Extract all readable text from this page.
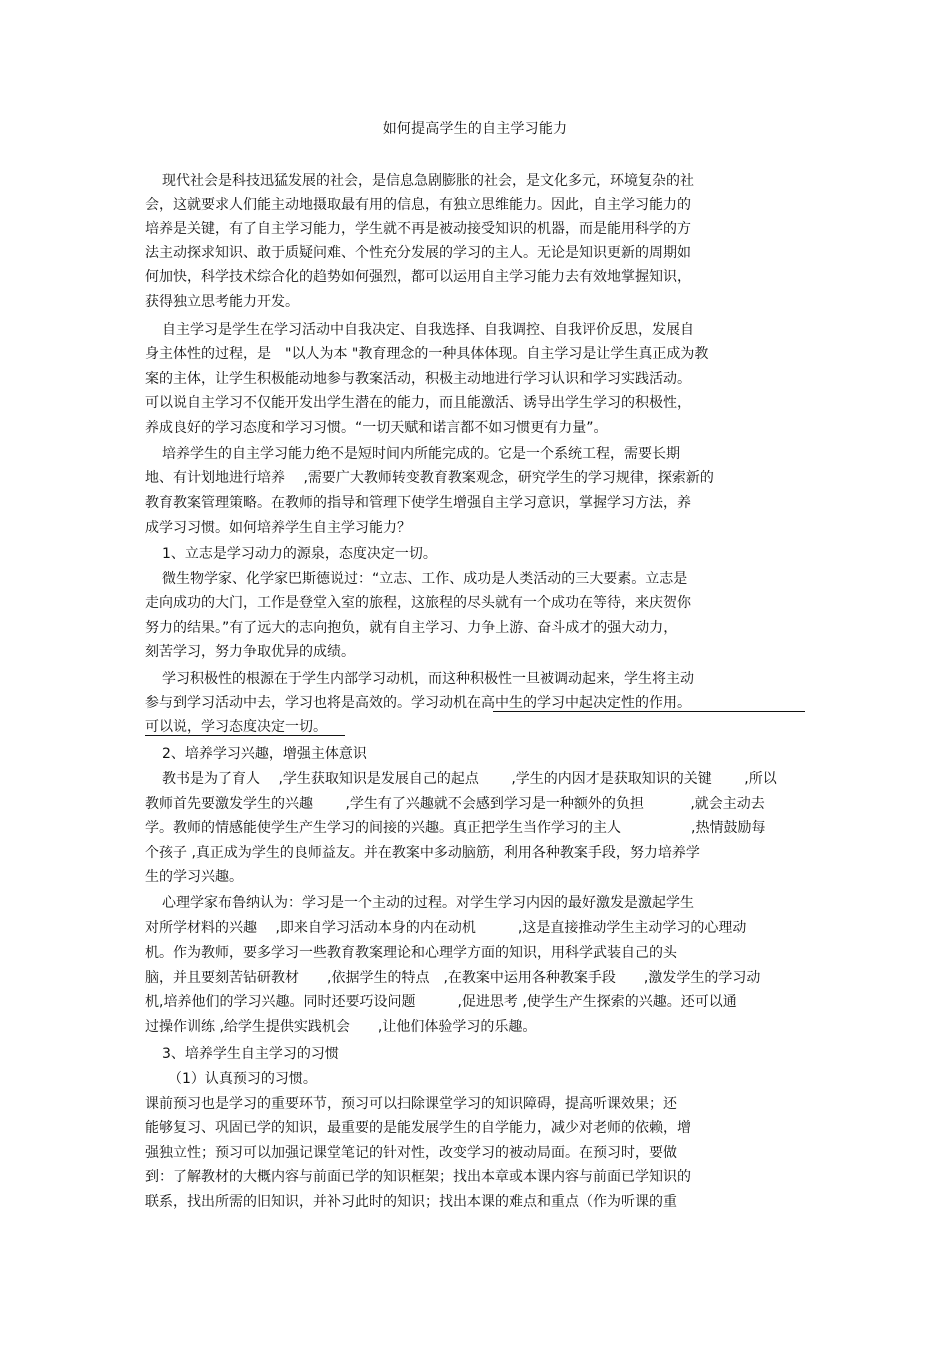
如何提高学生的自主学习能力
现代社会是科技迅猛发展的社会，是信息急剧膨胀的社会，是文化多元，环境复杂的社
会，这就要求人们能主动地摄取最有用的信息，有独立思维能力。因此，自主学习能力的
培养是关键，有了自主学习能力，学生就不再是被动接受知识的机器，而是能用科学的方
法主动探求知识、敢于质疑问难、个性充分发展的学习的主人。无论是知识更新的周期如
何加快，科学技术综合化的趋势如何强烈，都可以运用自主学习能力去有效地掌握知识，
获得独立思考能力开发。
自主学习是学生在学习活动中自我决定、自我选择、自我调控、自我评价反思，发展自
身主体性的过程，是　"以人为本 "教育理念的一种具体体现。自主学习是让学生真正成为教
案的主体，让学生积极能动地参与教案活动，积极主动地进行学习认识和学习实践活动。
可以说自主学习不仅能开发出学生潜在的能力，而且能激活、诱导出学生学习的积极性，
养成良好的学习态度和学习习惯。“一切天赋和诺言都不如习惯更有力量”。
培养学生的自主学习能力绝不是短时间内所能完成的。它是一个系统工程，需要长期
地、有计划地进行培养　 ,需要广大教师转变教育教案观念，研究学生的学习规律，探索新的
教育教案管理策略。在教师的指导和管理下使学生增强自主学习意识，掌握学习方法，养
成学习习惯。如何培养学生自主学习能力？
1、立志是学习动力的源泉，态度决定一切。
微生物学家、化学家巴斯德说过：“立志、工作、成功是人类活动的三大要素。立志是
走向成功的大门，工作是登堂入室的旅程，这旅程的尽头就有一个成功在等待，来庆贺你
努力的结果。”有了远大的志向抱负，就有自主学习、力争上游、奋斗成才的强大动力，
刻苦学习，努力争取优异的成绩。
学习积极性的根源在于学生内部学习动机，而这种积极性一旦被调动起来，学生将主动
参与到学习活动中去，学习也将是高效的。学习动机在高中生的学习中起决定性的作用。
可以说，学习态度决定一切。
2、培养学习兴趣，增强主体意识
教书是为了育人　 ,学生获取知识是发展自己的起点　　 ,学生的内因才是获取知识的关键　　 ,所以
教师首先要激发学生的兴趣　　 ,学生有了兴趣就不会感到学习是一种额外的负担　　　 ,就会主动去
学。教师的情感能使学生产生学习的间接的兴趣。真正把学生当作学习的主人　　　　　,热情鼓励每
个孩子 ,真正成为学生的良师益友。并在教案中多动脑筋，利用各种教案手段，努力培养学
生的学习兴趣。
心理学家布鲁纳认为：学习是一个主动的过程。对学生学习内因的最好激发是激起学生
对所学材料的兴趣　 ,即来自学习活动本身的内在动机　　　,这是直接推动学生主动学习的心理动
机。作为教师，要多学习一些教育教案理论和心理学方面的知识，用科学武装自己的头
脑，并且要刻苦钻研教材　　,依据学生的特点　,在教案中运用各种教案手段　　,激发学生的学习动
机,培养他们的学习兴趣。同时还要巧设问题　　　,促进思考 ,使学生产生探索的兴趣。还可以通
过操作训练 ,给学生提供实践机会　　,让他们体验学习的乐趣。
3、培养学生自主学习的习惯
（1）认真预习的习惯。
课前预习也是学习的重要环节，预习可以扫除课堂学习的知识障碍，提高听课效果；还
能够复习、巩固已学的知识，最重要的是能发展学生的自学能力，减少对老师的依赖，增
强独立性；预习可以加强记课堂笔记的针对性，改变学习的被动局面。在预习时，要做
到：了解教材的大概内容与前面已学的知识框架；找出本章或本课内容与前面已学知识的
联系，找出所需的旧知识，并补习此时的知识；找出本课的难点和重点（作为听课的重
